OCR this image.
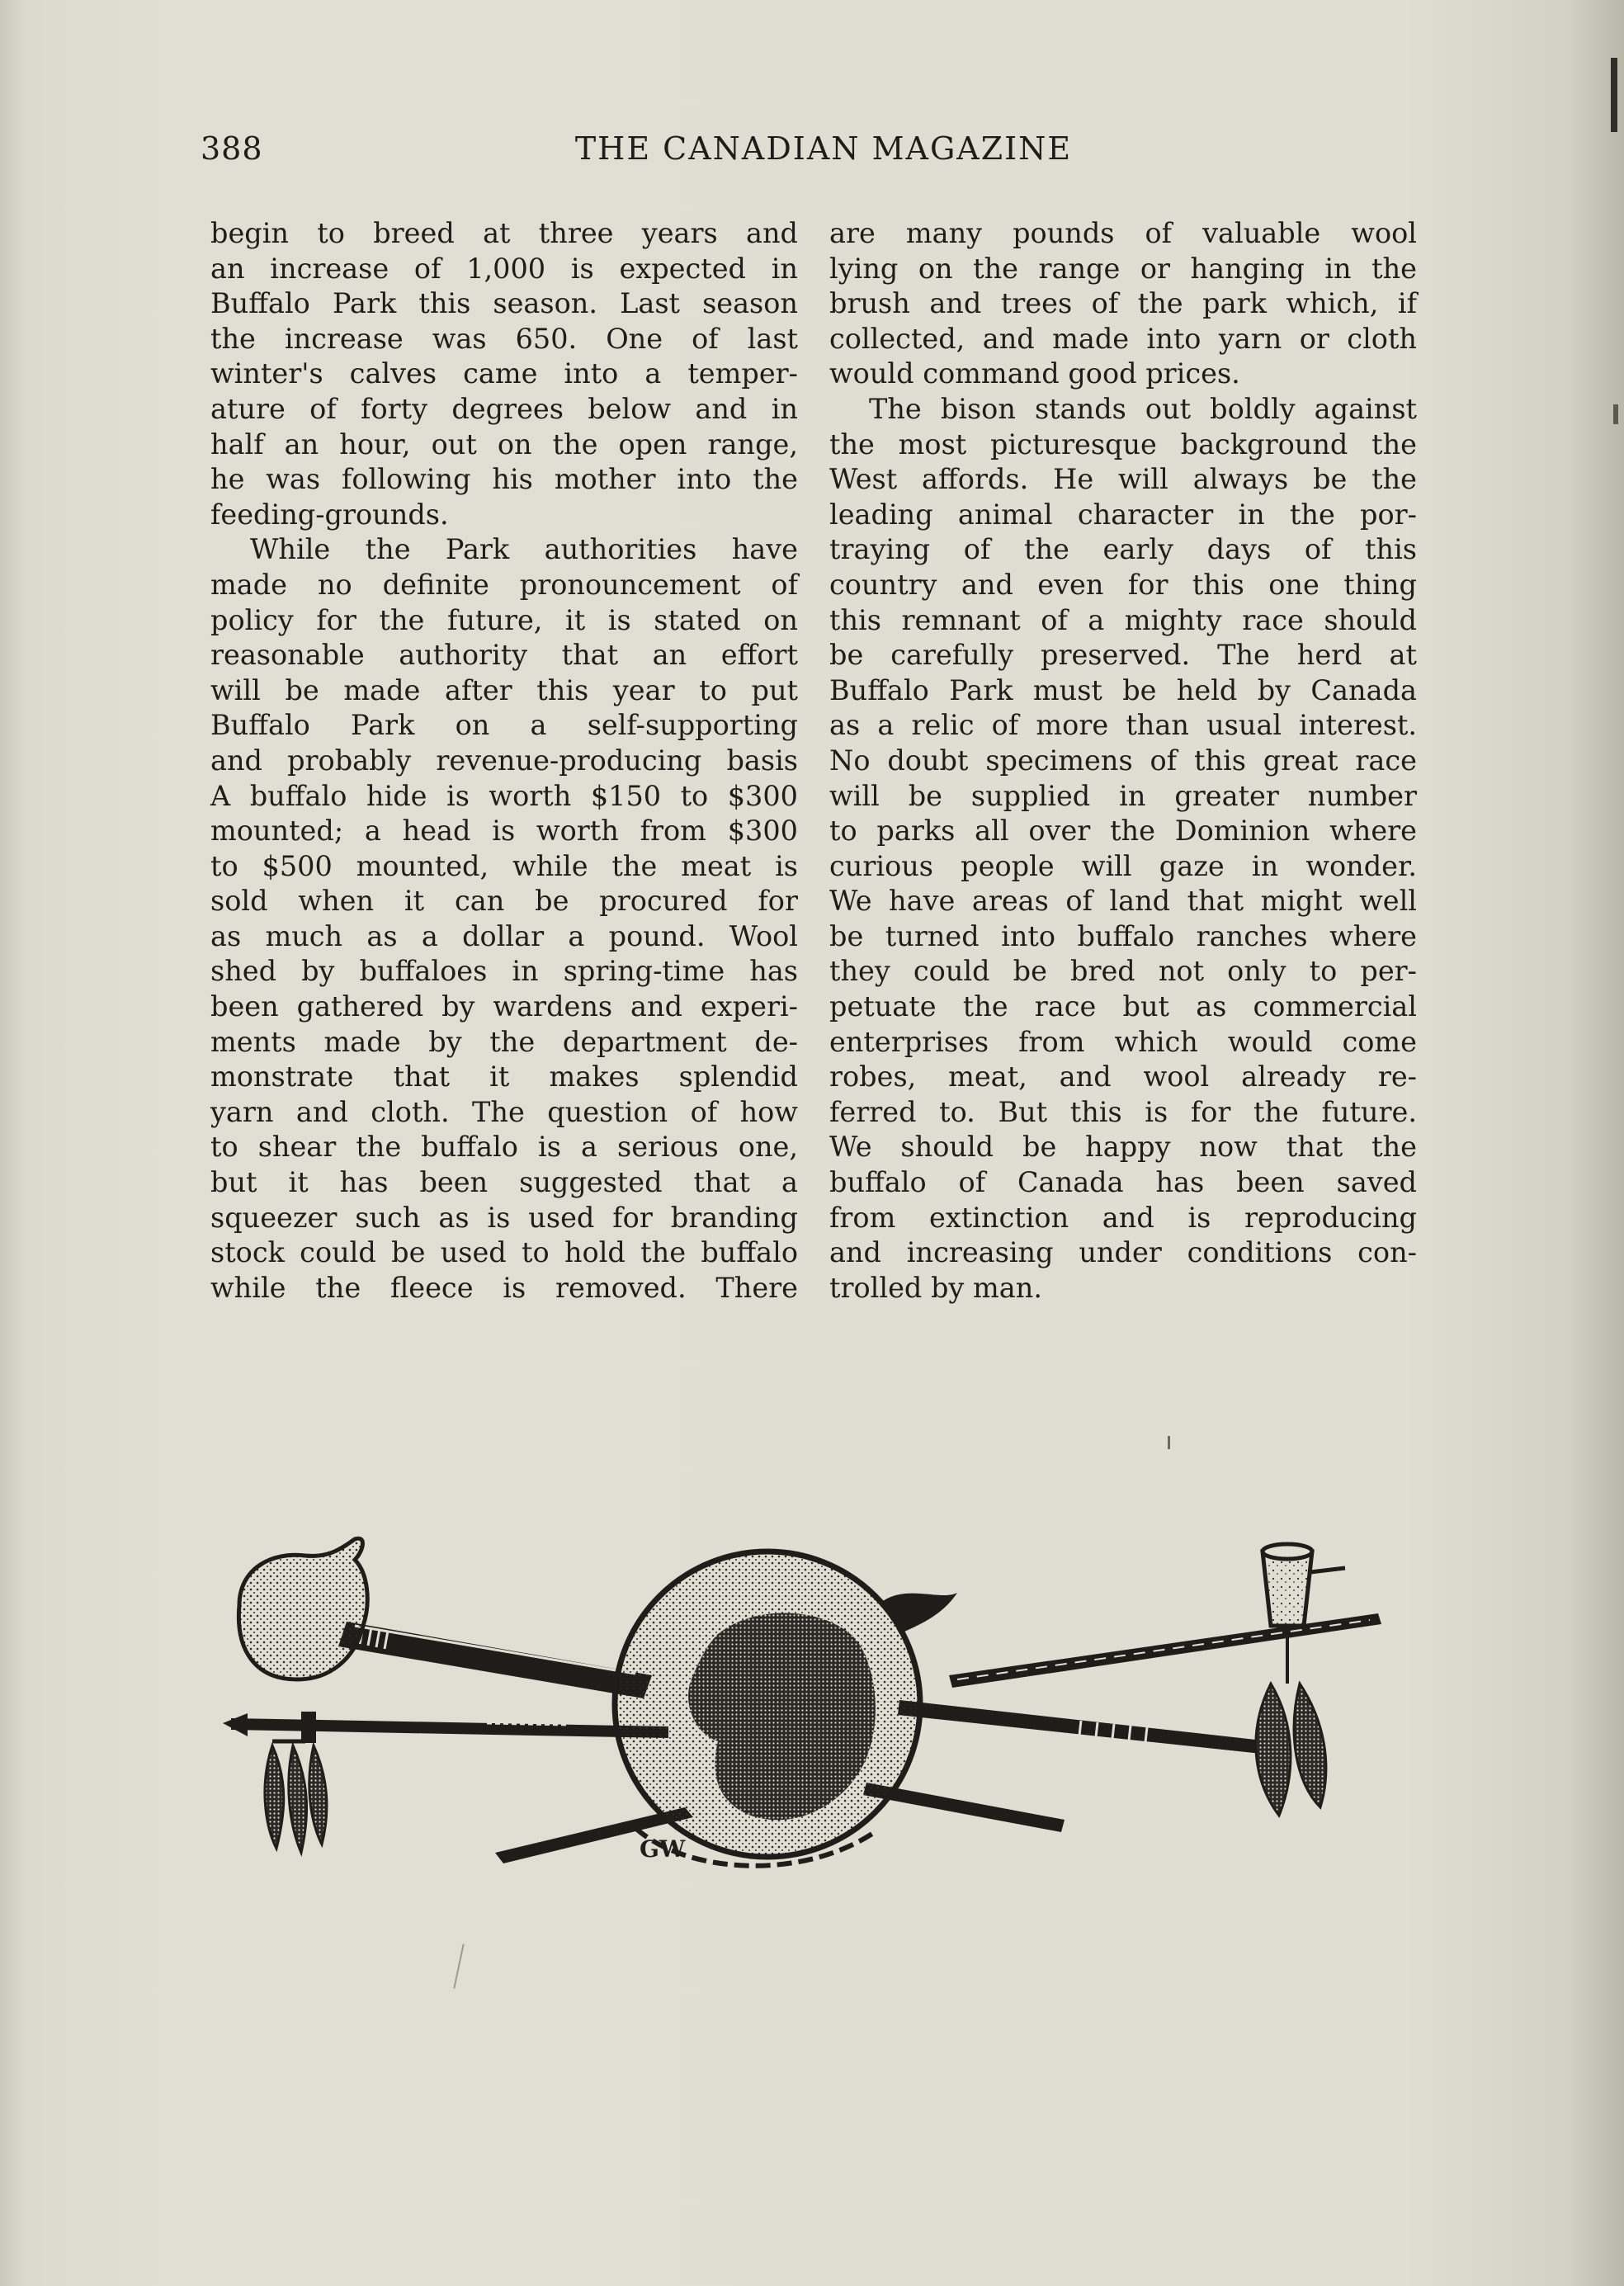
388	THE CANADIAN MAGAZINE
begin to breed at three years and
an increase of 1,000 is expected in
Buffalo Park this season. Last season
the increase was 650. One of last
winter's calves came into a temper-
ature of forty degrees below and in
half an hour, out on the open range,
he was following his mother into the
feeding-grounds.
While the Park authorities have
made no definite pronouncement of
policy for the future, it is stated on
reasonable authority that an effort
will be made after this year to put
Buffalo Park on a self-supporting
and probably revenue-producing basis
A buffalo hide is worth $150 to $300
mounted; a head is worth from $300
to $500 mounted, while the meat is
sold when it can be procured for
as much as a dollar a pound. Wool
shed by buffaloes in spring-time has
been gathered by wardens and experi-
ments made by the department de-
monstrate that it makes splendid
yarn and cloth. The question of how
to shear the buffalo is a serious one,
but it has been suggested that a
squeezer such as is used for branding
stock could be used to hold the buffalo
while the fleece is removed. There
are many pounds of valuable wool
lying on the range or hanging in the
brush and trees of the park which, if
collected, and made into yarn or cloth
would command good prices.
The bison stands out boldly against
the most picturesque background the
West affords. He will always be the
leading animal character in the por-
traying of the early days of this
country and even for this one thing
this remnant of a mighty race should
be carefully preserved. The herd at
Buffalo Park must be held by Canada
as a relic of more than usual interest.
No doubt specimens of this great race
will be supplied in greater number
to parks all over the Dominion where
curious people will gaze in wonder.
We have areas of land that might well
be turned into buffalo ranches where
they could be bred not only to per-
petuate the race but as commercial
enterprises from which would come
robes, meat, and wool already re-
ferred to. But this is for the future.
We should be happy now that the
buffalo of Canada has been saved
from extinction and is reproducing
and increasing under conditions con-
trolled by man.
GW
